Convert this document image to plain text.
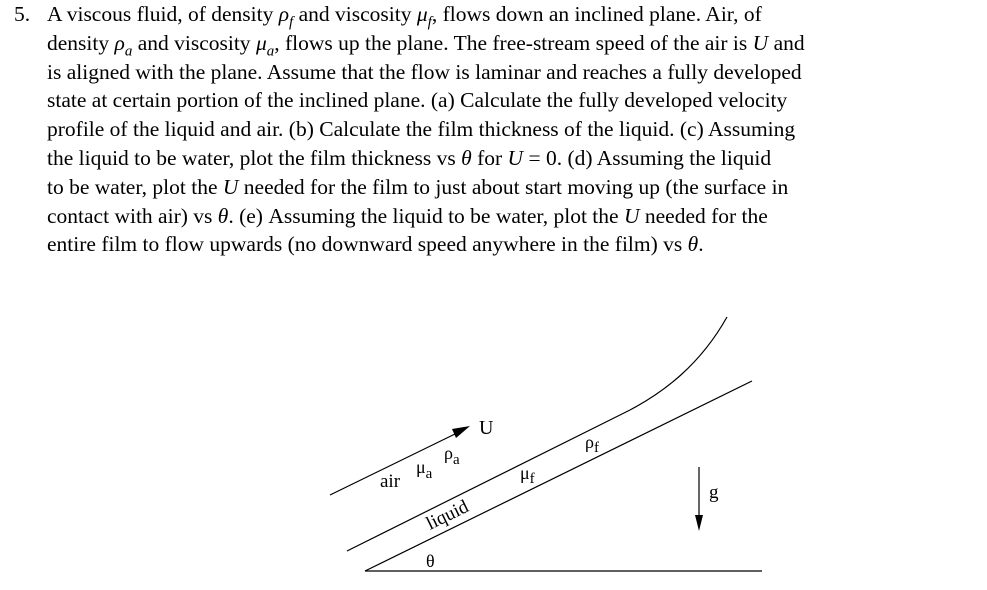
5. A viscous fluid, of density $\rho_f$ and viscosity $\mu_f$, flows down an inclined plane. Air, of
density $\rho_a$ and viscosity $\mu_a$, flows up the plane. The free-stream speed of the air is U and
is aligned with the plane. Assume that the flow is laminar and reaches a fully developed
state at certain portion of the inclined plane. (a) Calculate the fully developed velocity
profile of the liquid and air. (b) Calculate the film thickness of the liquid. (c) Assuming
the liquid to be water, plot the film thickness vs θ for U = 0. (d) Assuming the liquid
to be water, plot the U needed for the film to just about start moving up (the surface in
contact with air) vs θ. (e) Assuming the liquid to be water, plot the U needed for the
entire film to flow upwards (no downward speed anywhere in the film) vs θ.
U
air
$\mu_a$
$\rho_a$
$\mu_f$
$\rho_f$
liquid
θ
g
